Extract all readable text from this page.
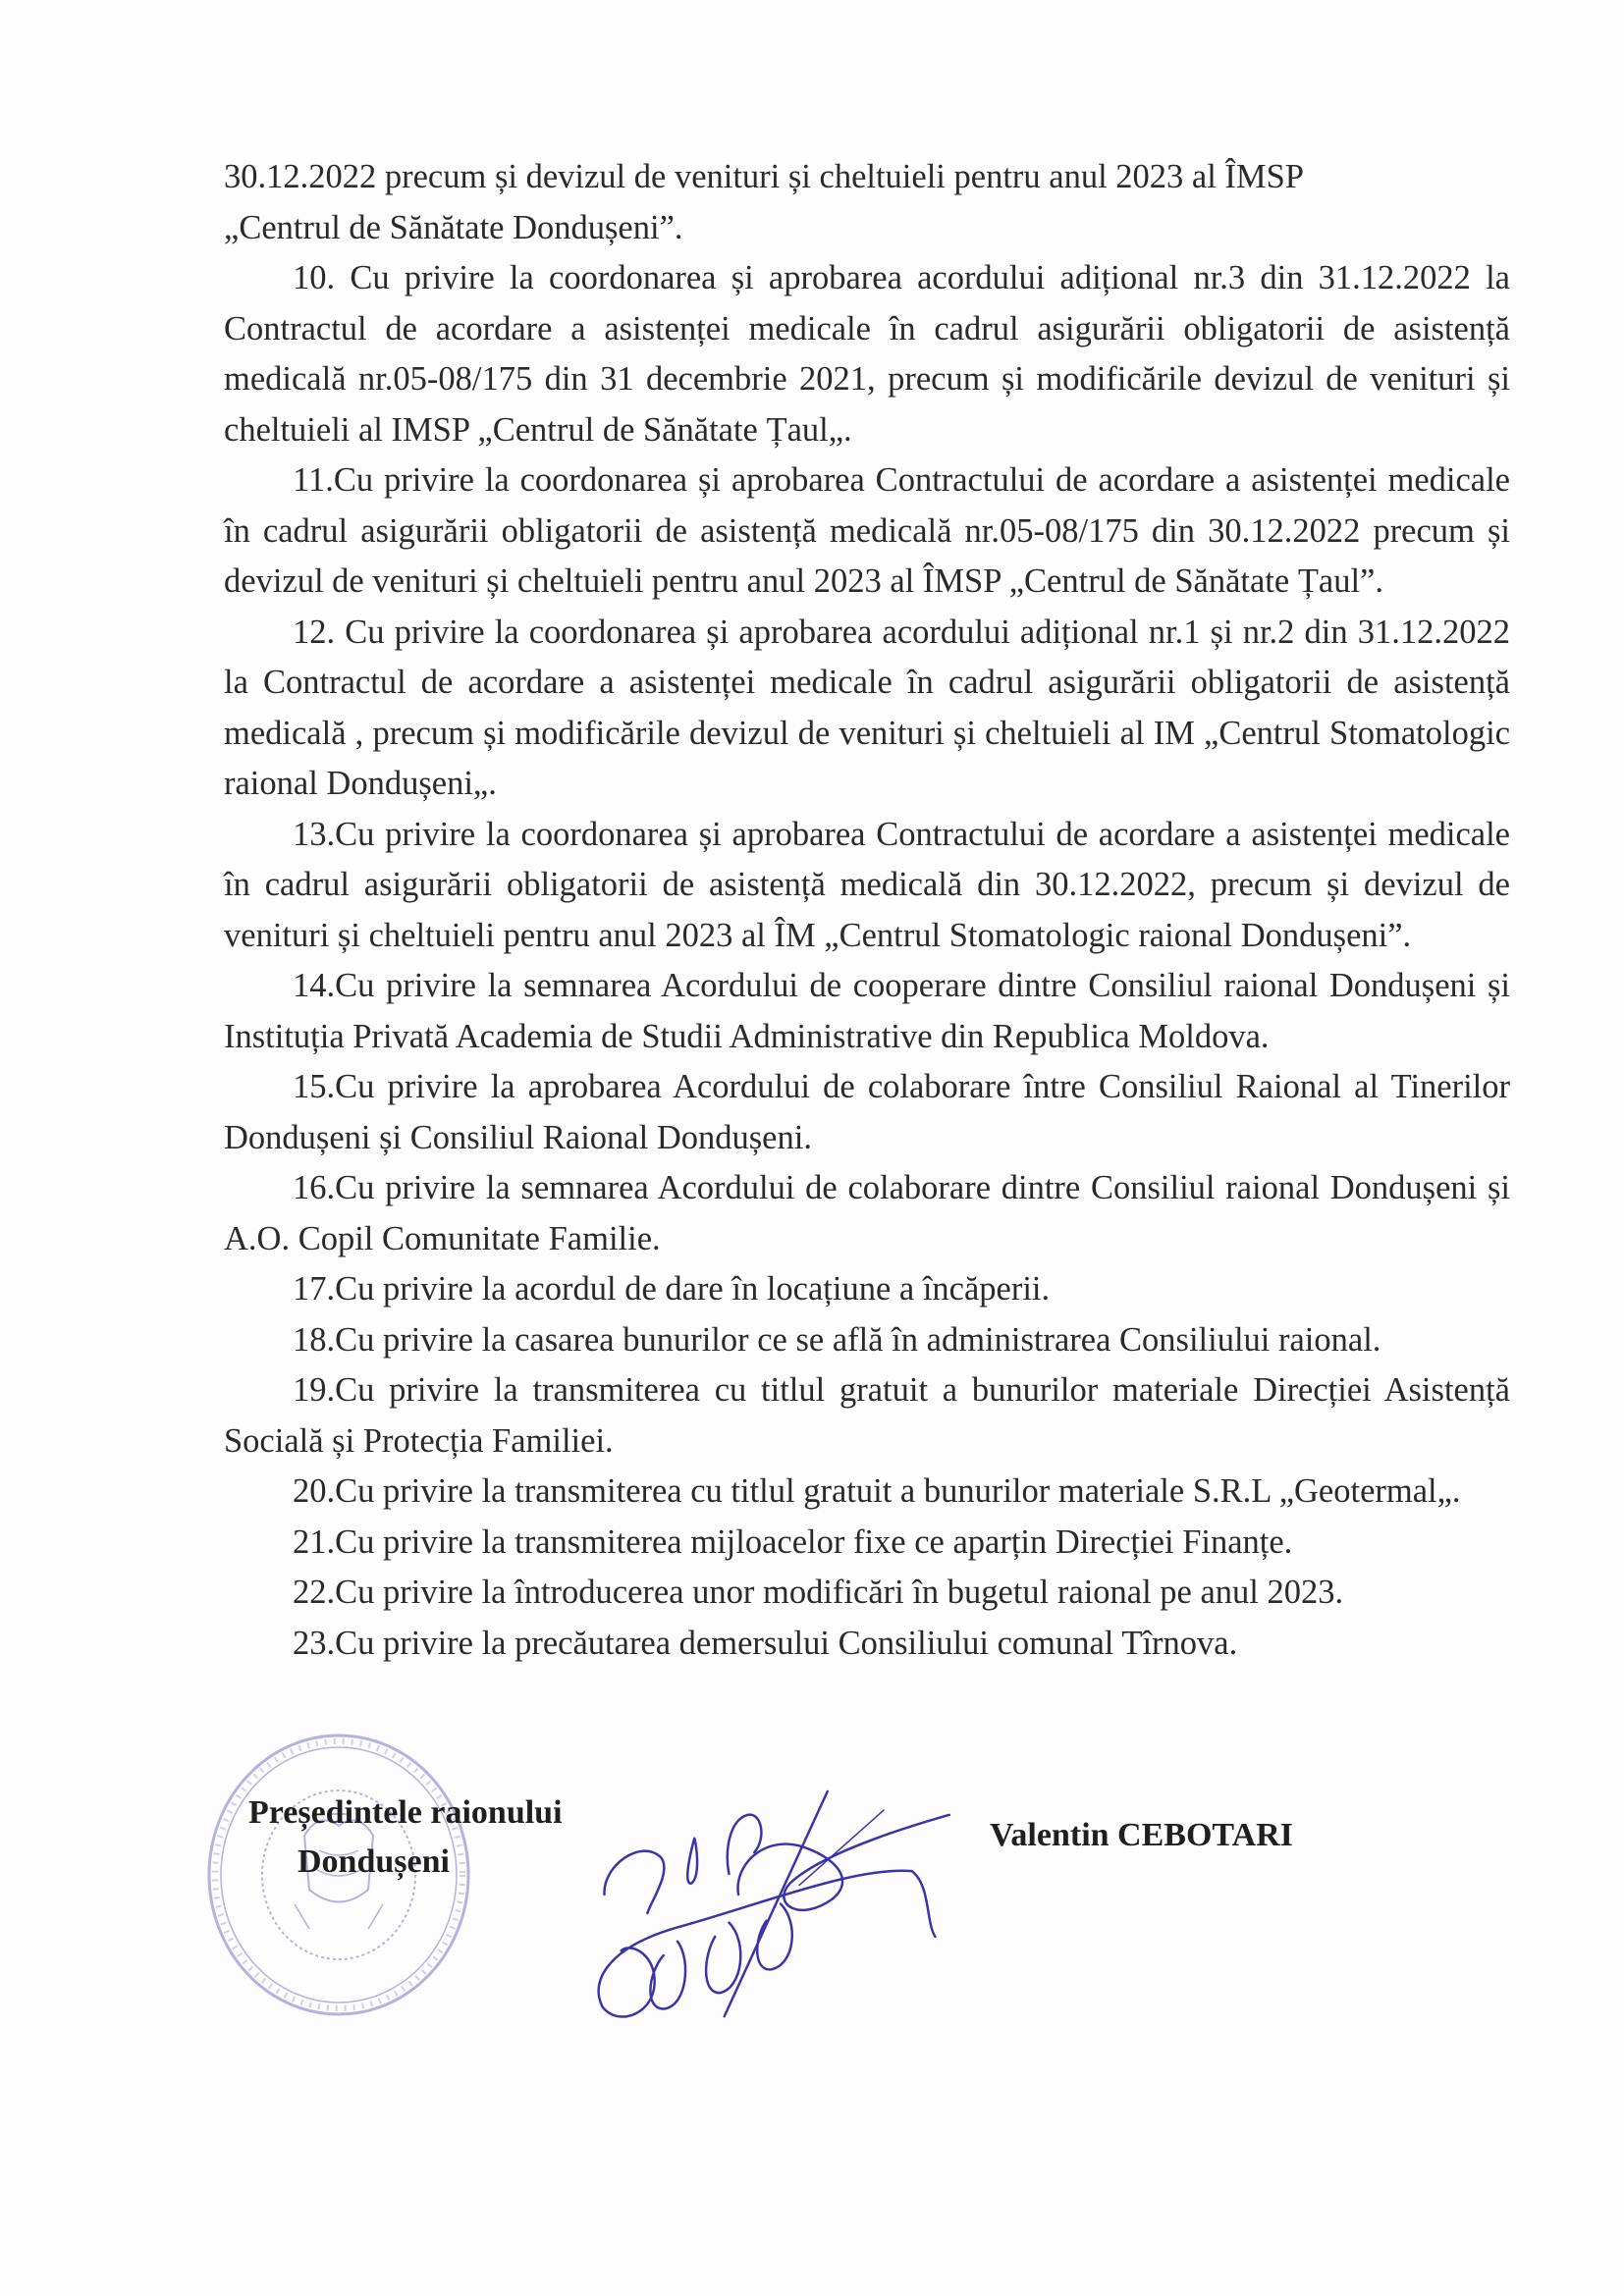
30.12.2022 precum și devizul de venituri și cheltuieli pentru anul 2023 al ÎMSP
„Centrul de Sănătate Dondușeni”.

10. Cu privire la coordonarea și aprobarea acordului adițional nr.3 din 31.12.2022 la Contractul de acordare a asistenței medicale în cadrul asigurării obligatorii de asistență medicală nr.05-08/175 din 31 decembrie 2021, precum și modificările devizul de venituri și cheltuieli al IMSP „Centrul de Sănătate Țaul„.

11.Cu privire la coordonarea și aprobarea Contractului de acordare a asistenței medicale în cadrul asigurării obligatorii de asistență medicală nr.05-08/175 din 30.12.2022 precum și devizul de venituri și cheltuieli pentru anul 2023 al ÎMSP „Centrul de Sănătate Țaul”.

12. Cu privire la coordonarea și aprobarea acordului adițional nr.1 și nr.2 din 31.12.2022 la Contractul de acordare a asistenței medicale în cadrul asigurării obligatorii de asistență medicală , precum și modificările devizul de venituri și cheltuieli al IM „Centrul Stomatologic raional Dondușeni„.

13.Cu privire la coordonarea și aprobarea Contractului de acordare a asistenței medicale în cadrul asigurării obligatorii de asistență medicală din 30.12.2022, precum și devizul de venituri și cheltuieli pentru anul 2023 al ÎM „Centrul Stomatologic raional Dondușeni”.

14.Cu privire la semnarea Acordului de cooperare dintre Consiliul raional Dondușeni și Instituția Privată Academia de Studii Administrative din Republica Moldova.

15.Cu privire la aprobarea Acordului de colaborare între Consiliul Raional al Tinerilor Dondușeni și Consiliul Raional Dondușeni.

16.Cu privire la semnarea Acordului de colaborare dintre Consiliul raional Dondușeni și A.O. Copil Comunitate Familie.

17.Cu privire la acordul de dare în locațiune a încăperii.

18.Cu privire la casarea bunurilor ce se află în administrarea Consiliului raional.

19.Cu privire la transmiterea cu titlul gratuit a bunurilor materiale Direcției Asistență Socială și Protecția Familiei.

20.Cu privire la transmiterea cu titlul gratuit a bunurilor materiale S.R.L „Geotermal„.

21.Cu privire la transmiterea mijloacelor fixe ce aparțin Direcției Finanțe.

22.Cu privire la întroducerea unor modificări în bugetul raional pe anul 2023.

23.Cu privire la precăutarea demersului Consiliului comunal Tîrnova.

Președintele raionului
Dondușeni
Valentin CEBOTARI
